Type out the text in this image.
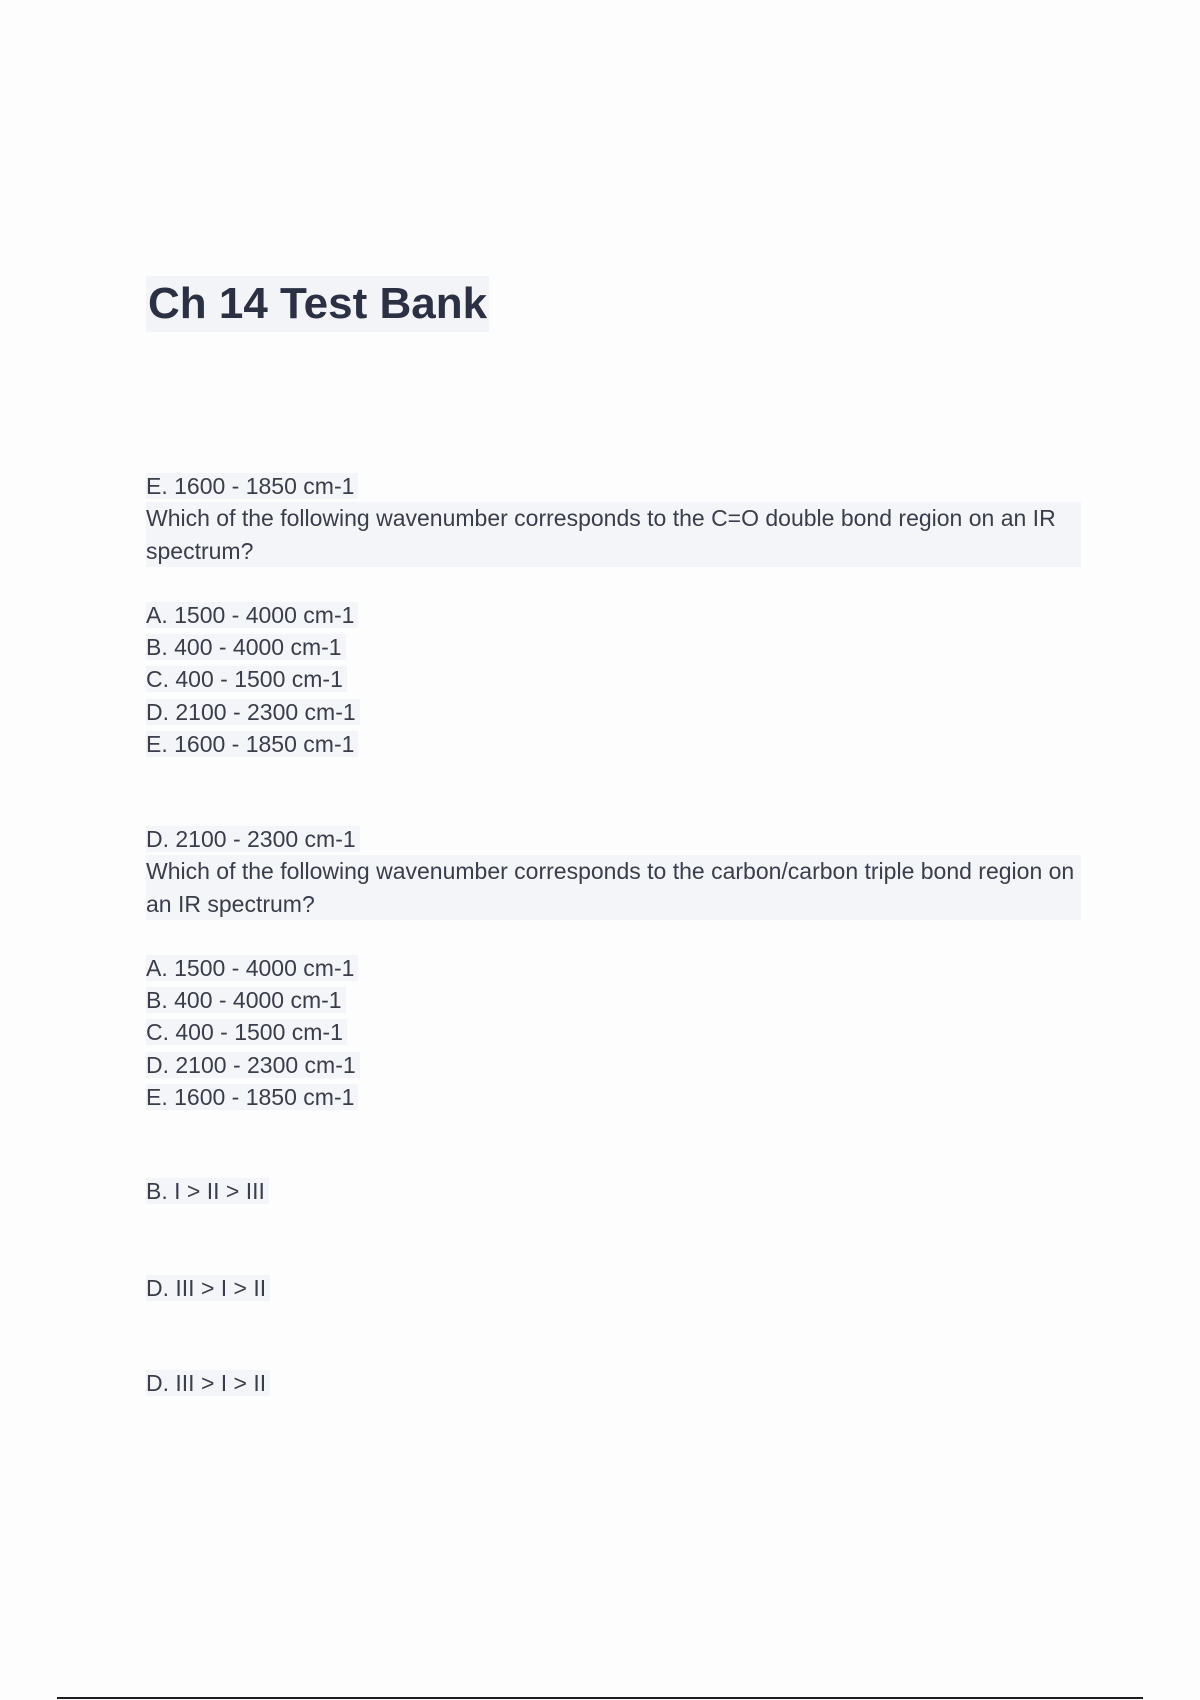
Ch 14 Test Bank
E. 1600 - 1850 cm-1
Which of the following wavenumber corresponds to the C=O double bond region on an IR spectrum?
A. 1500 - 4000 cm-1
B. 400 - 4000 cm-1
C. 400 - 1500 cm-1
D. 2100 - 2300 cm-1
E. 1600 - 1850 cm-1
D. 2100 - 2300 cm-1
Which of the following wavenumber corresponds to the carbon/carbon triple bond region on an IR spectrum?
A. 1500 - 4000 cm-1
B. 400 - 4000 cm-1
C. 400 - 1500 cm-1
D. 2100 - 2300 cm-1
E. 1600 - 1850 cm-1
B. I > II > III
D. III > I > II
D. III > I > II
